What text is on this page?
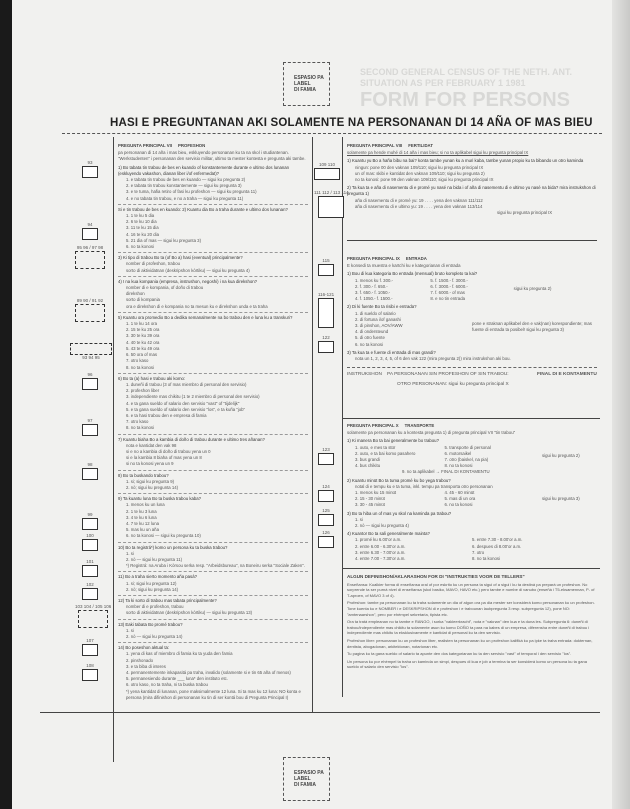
SECOND GENERAL CENSUS OF THE NETH. ANT.
SITUATION AS PER FEBRUARY 1 1981
FORM FOR PERSONS
ESPASIO PA
LABEL
DI FAMIA
HASI E PREGUNTANAN AKI SOLAMENTE NA PERSONANAN DI 14 AÑA OF MAS BIEU
93
94
95 96 / 97 98
89 90 / 91 92
93 94 95
96
97
98
99
100
101
102
103 104 / 105 106
107
108
109 110
111 112 / 113 114
115
116-121
122
123
124
125
126
PREGUNTA PRINCIPAL VII PROFESHON
pa personanan di 14 aña i mas bieu, eskluyendo personanan ku ta na skol i studiantenan. "Werkstudenten" i personanan den servisio militar, ultimo ta mester kontesta e pregunta aki tambe.
1) Bo tabata tin trabou de bes en kuando of konstantemente durante e ultimo dos lunanan (eskluyendo vakashon, dianan liber i/of enfermedat)?
1. e tabata tin trabou de bes en kuando — sigui ku pregunta 2)
2. e tabata tin trabou konstantemente — sigui ku pregunta 3)
3. e te tuma, hafia retiro of fasi ku profeshon — sigui ku pregunta 11)
4. e no tabata tin trabou, e no a traha — sigui ku pregunta 11)
Si e tin trabou de bes en kuando: 2) Kuantu dia Bo a traha durante e ultimo dos lunanan?
1. 1 te ku 5 dia
2. 6 te ku 10 dia
3. 11 te ku 15 dia
4. 16 te ku 20 dia
5. 21 dia of mas — sigui ku pregunta 3)
6. no ta konosi
3) Ki tipo di trabou Bo ta (of Bo a) hasi (eventual) principalmente?
nomber di profeshon, trabou
sorto di aktividatnan (deskripshon kòrtiku) — sigui ku pregunta 4)
4) I na kua kompania (empresa, instrushon, negoshi) i na kua direkshon?
nomber di e kompania, of doño di trabou
direkshon
sorto di kompania
ora e direkshon di e kompania no ta mesun ku e direkshon unda e ta traha
5) Kuantu ora promedio Bo a dedika semanalmente na bo trabou den e luna ku a transkuri?
1. 1 te ku 14 ora
2. 15 te ku 25 ora
3. 30 te ku 39 ora
4. 40 te ku 42 ora
5. 43 te ku 49 ora
6. 50 ora of mas
7. otro kaso
8. no ta konosi
6) Bo ta (a) hasi e trabou aki komo:
1. duneñi di trabou (3 of mas miembro di personal den servisio)
2. profeshon liber
3. independiente mas chikitu (1 te 2 miembro di personal den servisio)
4. e ta gana sueldo of salario den servisio "vast" of "tijdelijk"
5. e ta gana sueldo of salario den servisio "los", e ta kuña "job"
6. e ta hasi trabou den e empresa di famia
7. otro kaso
8. no ta konosi
7) Kuantu biaha Bo a kambia di doño di trabou durante e ultimo tres añanan?
nota e kantidat den vak 98
si e no a kambia di doño di trabou yena un 0
si e la kambia 8 biaha of mas yena un 8
si no ta konosi yena un 9
8) Bo ta buskando trabou?
1. si; sigui ku pregunta 9)
2. nò; sigui ku pregunta 14)
9) Ta kuantu luna Bo ta buska trabou kaba?
1. menos ku un luna
2. 1 te ku 3 luna
3. 4 te ku 6 luna
4. 7 te ku 12 luna
5. mas ku un aña
6. no ta konosi — sigui ku pregunta 10)
10) Bo ta registrá*) komo un persona ku ta buska trabou?
1. si
2. nò — sigui ku pregunta 11)
*) Registrá: na Aruba i Kòrsou serka resp. "Arbeidsbureau", na Boneiru serka "Sociale Zaken".
11) Bo a traha sierto momento aña pasá?
1. si; sigui ku pregunta 12)
2. nò; sigui ku pregunta 14)
12) Ta ki sorto di trabou mas tabata principalmente?
nomber di e profeshon, trabou
sorto di aktividatnan (deskripshon kòrtiku) — sigui ku pregunta 13)
13) Eaki tabata Bo promé trabou?
1. si
2. nò — sigui ku pregunta 14)
14) Bo poseshon aktual ta:
1. yena di kas of miembro di famia ku ta yuda den famia
2. pinshonado
3. e ta biba di interes
4. permanentemente inkapasitá pa traha, invalido (solamente si e tin 65 aña of menos)
5. permanesiendo durante ___ luna* den instituto etc.
6. otro kaso, no ta traha, ni ta buska trabou
*) yena kantidat di lunanan, pone maksimalmente 12 luna. Si ta mas ku 12 luna: NO konta e persona (mira difinishon di personanan ku tin di ser kontá bou di Pregunta Principal I)
PREGUNTA PRINCIPAL VIII FERTILIDAT
solamente pa hende muhé di 14 aña i mas bieu; si no ta aplikabel sigui ku pregunta principal IX
1) Kuantu yu Bo a haña bibu na bai? konta tambe yunan ku a muri kaba, tambe yunan propio ku ta bibando un otro kaminda
ningun: pone 00 den vaknan 109/110; sigui ku pregunta principal IX
un of mas: skibi e kantidat den vaknan 109/110; sigui ku pregunta 2)
no ta konosi: pone 99 den vaknan 109/110; sigui ku pregunta principal IX
2) Ta kua ta e aña di nasementu di e promé yu nasé na bida i of aña di nasementu di e ultimo yu nasé na bida? mira instrukshon di pregunta 1)
aña di nasementu di e promé yu: 19 . . . . yena den vaknan 111/112
aña di nasementu di e ultimo yu: 19 . . . . yena den vaknan 113/114
sigui ku pregunta principal IX
PREGUNTA PRINCIPAL IX ENTRADA
E konsedi ta muestra e kartchi ku e kategorianan di entrada
1) Bou di kua kategoria Bo entrada (mensual) bruto kompleto ta kai?
1. menos ku f. 300.-
2. f. 300.- f. 650.-
3. f. 650.- f. 1050.-
4. f. 1050.- f. 1500.-
5. f. 1500.- f. 3000.-
6. f. 3000.- f. 6000.-
7. f. 6000.- of mas
8. e no tin entrada
sigui ku pregunta 2)
2) Di ki fuente Bo ta risibi e entrada?
1. di sueldo of salario
2. di fortuna i/of ganashi
3. di pinshon, AOV/AWW
4. di ondersteund
5. di otro fuente
6. no ta konosi
pone e straknan aplikabel den e vak(nan) korespondiente; mas fuente di entrada ta posibel! sigui ku pregunta 3)
3) Ta kua ta e fuente di entrada di mas grandi?
nota un 1, 2, 3, 4, 5, of 6 den vak 122 (mira pregunta 2)) mira instrukshon aki bou.
INSTRUKSHON	PA PERSONANAN SIN PROFESHON OF SIN TRABOU:
OTRO PERSONANAN: sigui ku pregunta principal X
FINAL DI E KONTAMENTU
PREGUNTA PRINCIPAL X TRANSPORTE
solamente pa personanan ku a kontesta pregunta 1) di pregunta principal VII "tin trabou"
1) Ki manera Bo ta bai generalmente bo trabou?
1. outo, e mes ta stür
2. outo, e ta bai komo pasahero
3. bus grandi
4. bus chikitu
5. transporte di personal
6. motorsaikel
7. otro (baiskel, na pia)
8. no ta konosi
sigui ku pregunta 2)
9. no ta aplikabel → FINAL DI KONTAMENTU
2) Kuantu minüt Bo ta tuma promé ku bo yega trabou?
notal di e tempu ku e ta tuma, inkl. tempu pa transporta otro personanan
1. menos ku 15 minüt
2. 15 - 30 minüt
3. 30 - 45 minüt
4. 45 - 60 minüt
5. mas di un ora
6. no ta konosi
sigui ku pregunta 3)
3) Bo ta hiba un of mas yu skol na kaminda pa trabou?
1. si
2. nò — sigui ku pregunta 4)
4) Kuantor Bo ta sali generalmente mainta?
1. promé ku 6.00'or a.m.
2. entre 6.00 - 6.30'or a.m.
3. entre 6.30 - 7.00'or a.m.
4. entre 7.00 - 7.30'or a.m.
5. entre 7.30 - 8.00'or a.m.
6. despues di 8.00'or a.m.
7. otro
8. no ta konosi
ALGUN DEFINISHON/AKLARASHON FOR DI "INSTRUKTIES VOOR DE TELLERS"
Enseñansa: Kualkier forma di enseñansa oral of por eskrito ku un persona ta sigui of a sigui i ku ta destiná pa prepará un profeshon. No sorprende ta ser purná nivel di enseñansa (skol basiko, MAVO, HAVO etc.) pero tambe e numbe di vanubo (enseñá i T5-eksamennan, P- of T-aproen, of MAVO 3 of 4).
Profeshon: tambe pa personanan ku ta traha solamente un dia of algun ora pa dia mester ser konsiderá komo personanan ku un profeshon. Tone kuenta ku e NOMBER i e DESKRIPSHON di e profeshon i e trabounan laubpregunta 3 resp. subpregunta 12), pone NO: "amtenaarshon", pero por ehèmpel sekretaria, tipista etc.
Ora ta tratá empleanan no ta tambe e RANGO, i sorka "vakleerkracht", nota e "vaknan" den kua e ta duna les. Subpregunta 6: duneñi di trabou/independiente mas chikitu ta solamente asun ku komo DOÑO ta para na kabes di un empresa, diferensha entre duneñi di trabou i independiente mas chikitu ta eksklusivamente e kantidat di personal ku ta den servisio.
Profeshon liber: personanan ku un profeshon liber, realisten ta personanan ku un profeshon kalifiká ku pa ipke ta traha entrada: dokternan, dentista, abogadonan, arkitektonan, notarionan etc.
Tu pagina ku ta gana sueldo of salario ta apunte den dos kategorianan ku ta den servisio "vast" of temporal i den servisio "los".
Un persona ku por ehèmpel ta traha un kaminda un simpi, despues di kua e job a termina ta ser konsiderá komo un persona ku ta gana sueldo of salario den servisio "los".
ESPASIO PA
LABEL
DI FAMIA
